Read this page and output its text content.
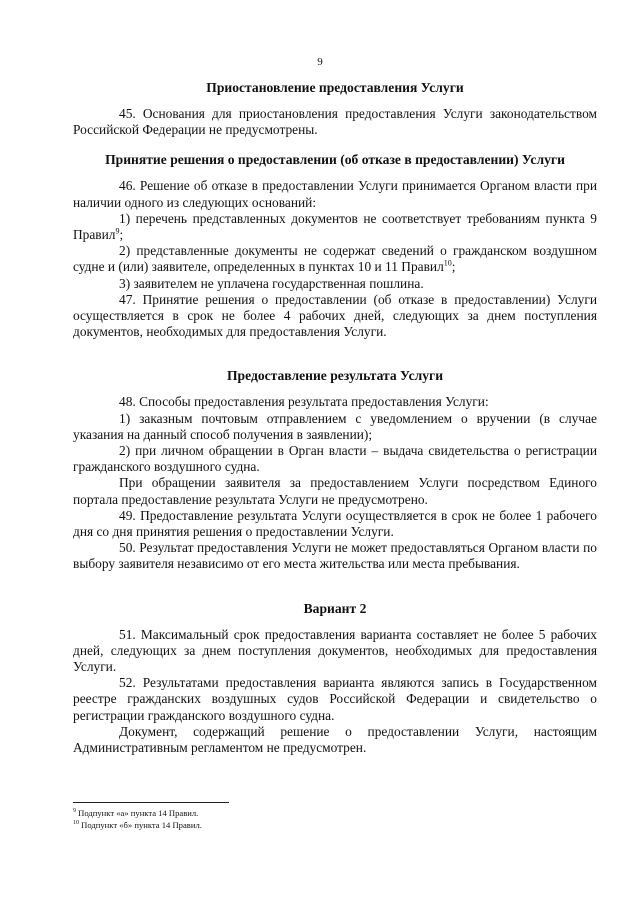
9
Приостановление предоставления Услуги

45. Основания для приостановления предоставления Услуги законодательством Российской Федерации не предусмотрены.

Принятие решения о предоставлении (об отказе в предоставлении) Услуги

46. Решение об отказе в предоставлении Услуги принимается Органом власти при наличии одного из следующих оснований:

1) перечень представленных документов не соответствует требованиям пункта 9 Правил$^9$;

2) представленные документы не содержат сведений о гражданском воздушном судне и (или) заявителе, определенных в пунктах 10 и 11 Правил$^{10}$;

3) заявителем не уплачена государственная пошлина.

47. Принятие решения о предоставлении (об отказе в предоставлении) Услуги осуществляется в срок не более 4 рабочих дней, следующих за днем поступления документов, необходимых для предоставления Услуги.

Предоставление результата Услуги

48. Способы предоставления результата предоставления Услуги:

1) заказным почтовым отправлением с уведомлением о вручении (в случае указания на данный способ получения в заявлении);

2) при личном обращении в Орган власти – выдача свидетельства о регистрации гражданского воздушного судна.

При обращении заявителя за предоставлением Услуги посредством Единого портала предоставление результата Услуги не предусмотрено.

49. Предоставление результата Услуги осуществляется в срок не более 1 рабочего дня со дня принятия решения о предоставлении Услуги.

50. Результат предоставления Услуги не может предоставляться Органом власти по выбору заявителя независимо от его места жительства или места пребывания.

Вариант 2

51. Максимальный срок предоставления варианта составляет не более 5 рабочих дней, следующих за днем поступления документов, необходимых для предоставления Услуги.

52. Результатами предоставления варианта являются запись в Государственном реестре гражданских воздушных судов Российской Федерации и свидетельство о регистрации гражданского воздушного судна.

Документ, содержащий решение о предоставлении Услуги, настоящим Административным регламентом не предусмотрен.

$^9$ Подпункт «а» пункта 14 Правил.
$^{10}$ Подпункт «б» пункта 14 Правил.
